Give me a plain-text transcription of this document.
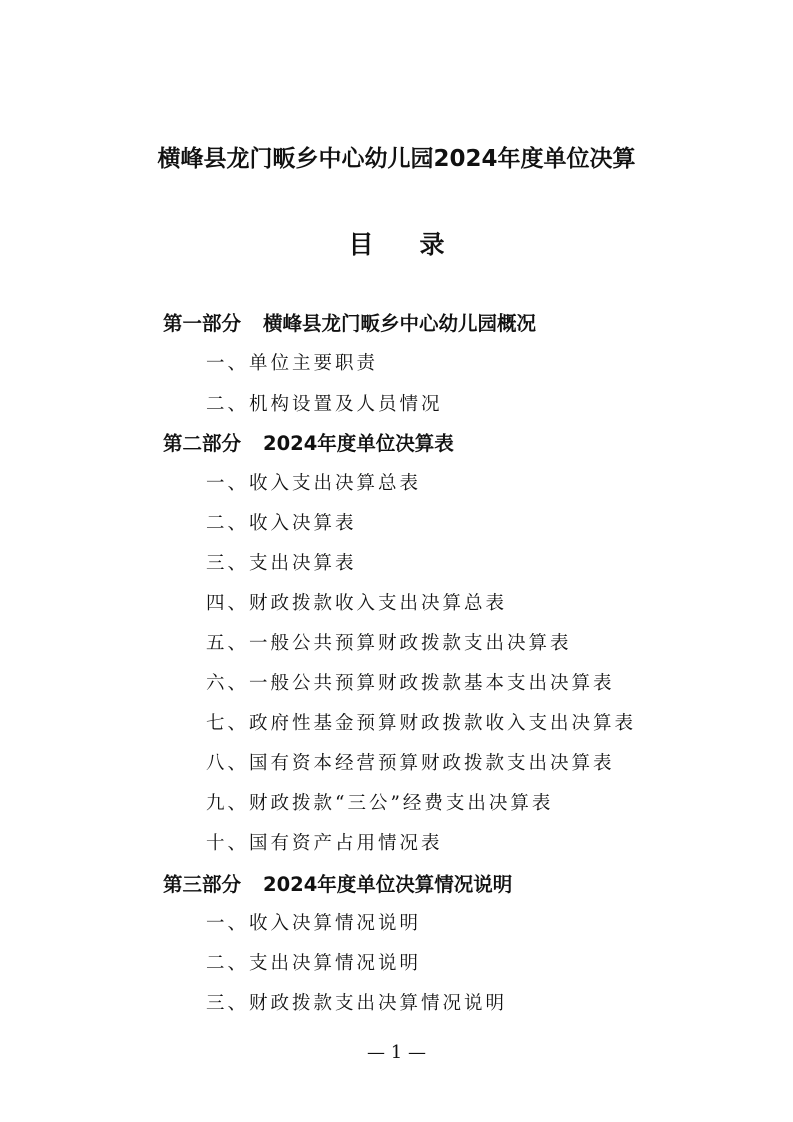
横峰县龙门畈乡中心幼儿园2024年度单位决算
目 录
第一部分 横峰县龙门畈乡中心幼儿园概况
一、单位主要职责
二、机构设置及人员情况
第二部分 2024年度单位决算表
一、收入支出决算总表
二、收入决算表
三、支出决算表
四、财政拨款收入支出决算总表
五、一般公共预算财政拨款支出决算表
六、一般公共预算财政拨款基本支出决算表
七、政府性基金预算财政拨款收入支出决算表
八、国有资本经营预算财政拨款支出决算表
九、财政拨款“三公”经费支出决算表
十、国有资产占用情况表
第三部分 2024年度单位决算情况说明
一、收入决算情况说明
二、支出决算情况说明
三、财政拨款支出决算情况说明
— 1 —
